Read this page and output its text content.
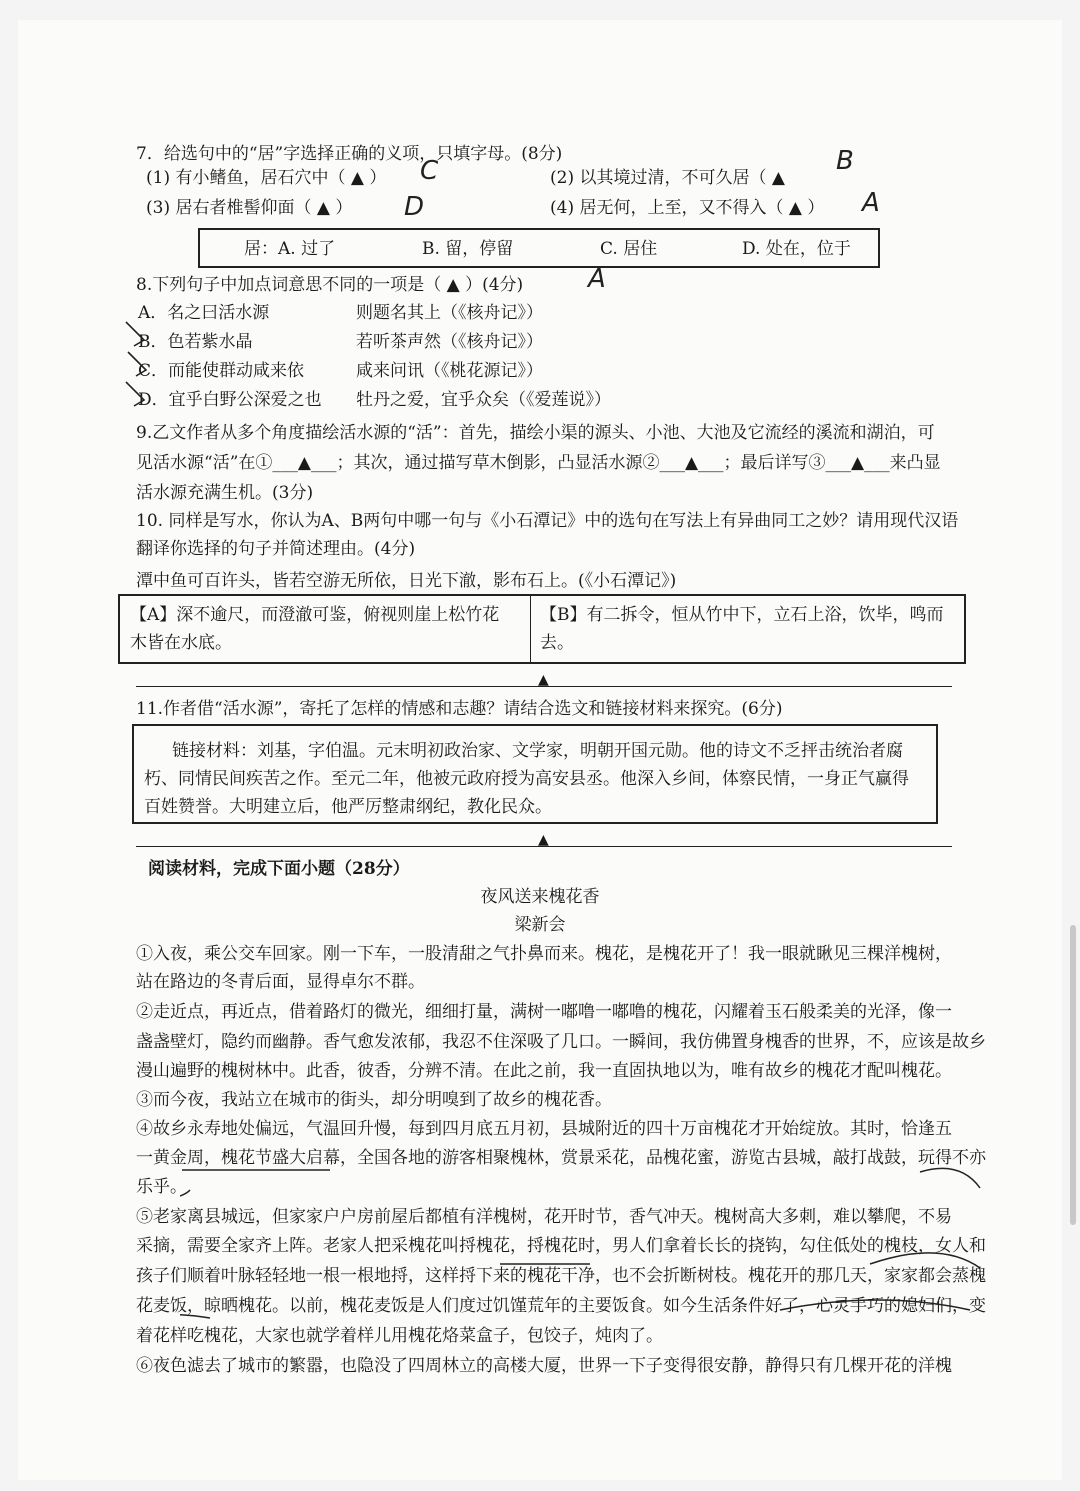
7．给选句中的“居”字选择正确的义项，只填字母。(8分)
(1) 有小鳍鱼，居石穴中（ ▲ ） C	(2) 以其境过清，不可久居（ ▲
B
(3) 居右者椎髻仰面（ ▲ ） D	(4) 居无何，上至，又不得入（ ▲ ） A
居：A. 过了	B. 留，停留	C. 居住	D. 处在，位于
8.下列句子中加点词意思不同的一项是（ ▲ ）(4分) A
A．名之曰活水源	则题名其上（《核舟记》）
B．色若紫水晶	若听茶声然（《核舟记》）
C．而能使群动咸来依	咸来问讯（《桃花源记》）
D．宜乎白野公深爱之也 牡丹之爱，宜乎众矣（《爱莲说》）
9.乙文作者从多个角度描绘活水源的“活”：首先，描绘小渠的源头、小池、大池及它流经的溪流和湖泊，可
见活水源“活”在①___▲___；其次，通过描写草木倒影，凸显活水源②___▲___；最后详写③___▲___来凸显
活水源充满生机。(3分)
10. 同样是写水，你认为A、B两句中哪一句与《小石潭记》中的选句在写法上有异曲同工之妙？请用现代汉语
翻译你选择的句子并简述理由。(4分)
潭中鱼可百许头，皆若空游无所依，日光下澈，影布石上。(《小石潭记》)
【A】深不逾尺，而澄澈可鉴，俯视则崖上松竹花
木皆在水底。
【B】有二拆令，恒从竹中下，立石上浴，饮毕，鸣而
去。
▲
11.作者借“活水源”，寄托了怎样的情感和志趣？请结合选文和链接材料来探究。(6分)
链接材料：刘基，字伯温。元末明初政治家、文学家，明朝开国元勋。他的诗文不乏抨击统治者腐
朽、同情民间疾苦之作。至元二年，他被元政府授为高安县丞。他深入乡间，体察民情，一身正气赢得
百姓赞誉。大明建立后，他严厉整肃纲纪，教化民众。
▲
阅读材料，完成下面小题（28分）
夜风送来槐花香
梁新会
①入夜，乘公交车回家。刚一下车，一股清甜之气扑鼻而来。槐花，是槐花开了！我一眼就瞅见三棵洋槐树，
站在路边的冬青后面，显得卓尔不群。
②走近点，再近点，借着路灯的微光，细细打量，满树一嘟噜一嘟噜的槐花，闪耀着玉石般柔美的光泽，像一
盏盏壁灯，隐约而幽静。香气愈发浓郁，我忍不住深吸了几口。一瞬间，我仿佛置身槐香的世界，不，应该是故乡
漫山遍野的槐树林中。此香，彼香，分辨不清。在此之前，我一直固执地以为，唯有故乡的槐花才配叫槐花。
③而今夜，我站立在城市的街头，却分明嗅到了故乡的槐花香。
④故乡永寿地处偏远，气温回升慢，每到四月底五月初，县城附近的四十万亩槐花才开始绽放。其时，恰逢五
一黄金周，槐花节盛大启幕，全国各地的游客相聚槐林，赏景采花，品槐花蜜，游览古县城，敲打战鼓，玩得不亦
乐乎。
⑤老家离县城远，但家家户户房前屋后都植有洋槐树，花开时节，香气冲天。槐树高大多刺，难以攀爬，不易
采摘，需要全家齐上阵。老家人把采槐花叫捋槐花，捋槐花时，男人们拿着长长的挠钩，勾住低处的槐枝，女人和
孩子们顺着叶脉轻轻地一根一根地捋，这样捋下来的槐花干净，也不会折断树枝。槐花开的那几天，家家都会蒸槐
花麦饭，晾晒槐花。以前，槐花麦饭是人们度过饥馑荒年的主要饭食。如今生活条件好了，心灵手巧的媳妇们，变
着花样吃槐花，大家也就学着样儿用槐花烙菜盒子，包饺子，炖肉了。
⑥夜色滤去了城市的繁嚣，也隐没了四周林立的高楼大厦，世界一下子变得很安静，静得只有几棵开花的洋槐
